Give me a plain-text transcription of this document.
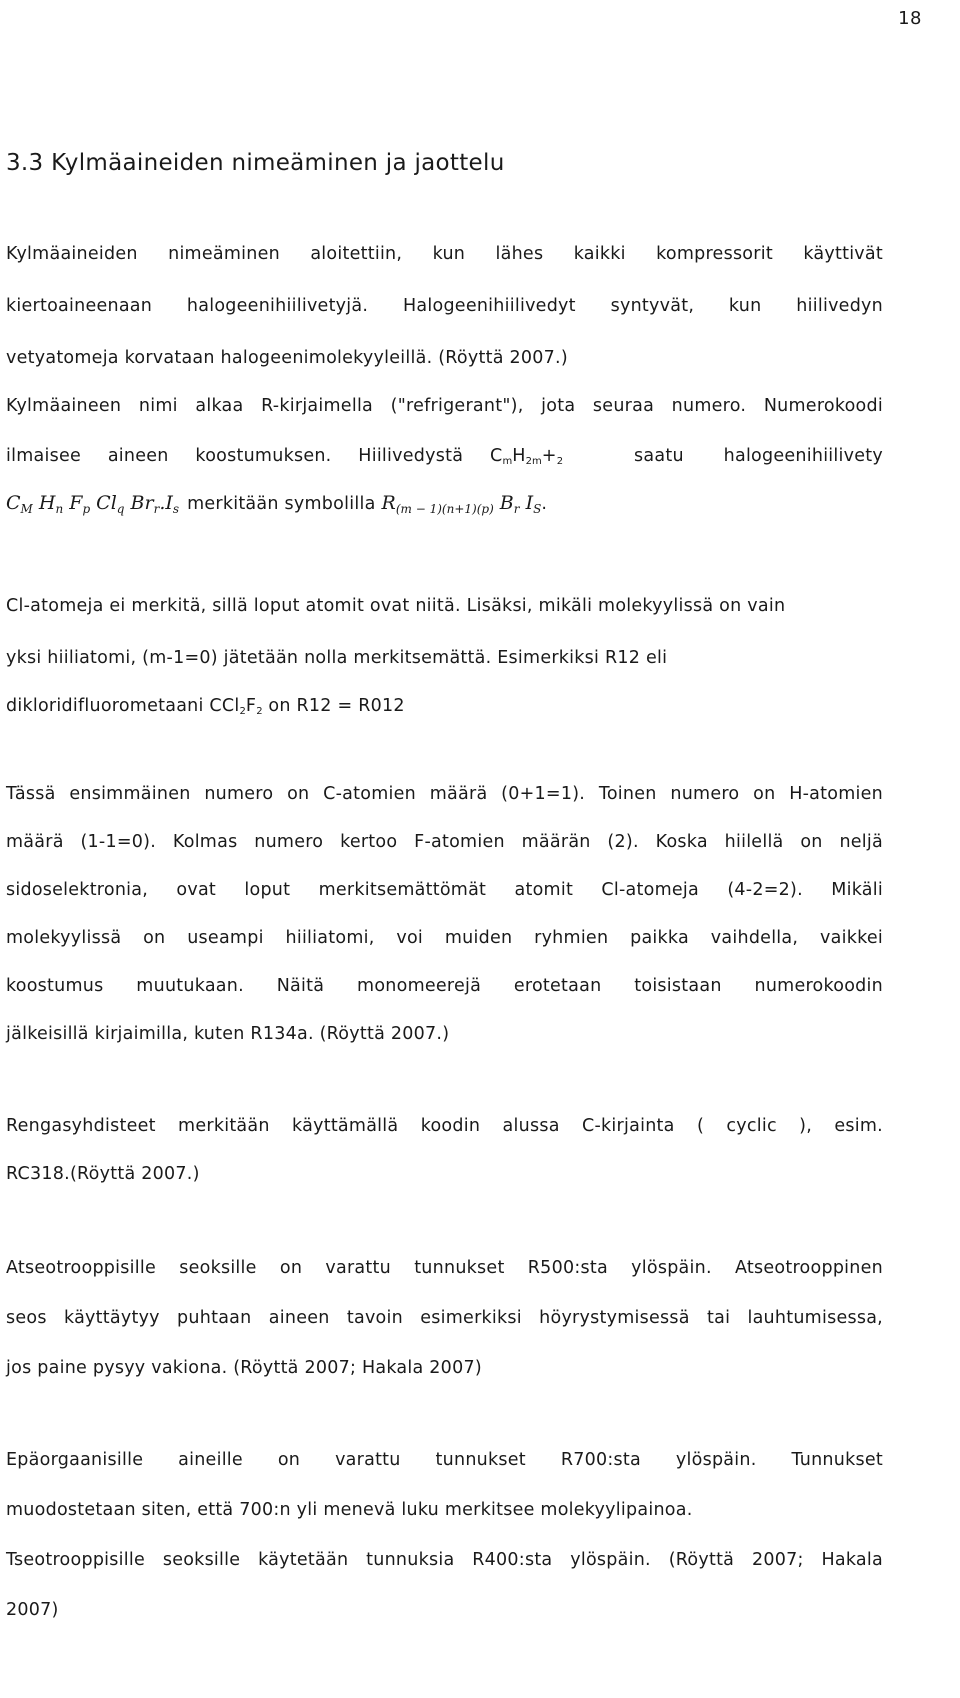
18
3.3 Kylmäaineiden nimeäminen ja jaottelu
Kylmäaineiden nimeäminen aloitettiin, kun lähes kaikki kompressorit käyttivät
kiertoaineenaan halogeenihiilivetyjä. Halogeenihiilivedyt syntyvät, kun hiilivedyn
vetyatomeja korvataan halogeenimolekyyleillä. (Röyttä 2007.)
Kylmäaineen nimi alkaa R-kirjaimella ("refrigerant"), jota seuraa numero. Numerokoodi
ilmaisee aineen koostumuksen. Hiilivedystä $C_mH_{2m}+_2$	saatu halogeenihiilivety
$C_M$ $H_n$ $F_p$ $Cl_q$ $Br_r.I_s$ merkitään symbolilla $R_{(m - 1)(n+1)(p)}$ $B_r$ $I_S$.
Cl-atomeja ei merkitä, sillä loput atomit ovat niitä. Lisäksi, mikäli molekyylissä on vain
yksi hiiliatomi, (m-1=0) jätetään nolla merkitsemättä. Esimerkiksi R12 eli
dikloridifluorometaani $CCl_2F_2$ on R12 = R012
Tässä ensimmäinen numero on C-atomien määrä (0+1=1). Toinen numero on H-atomien
määrä (1-1=0). Kolmas numero kertoo F-atomien määrän (2). Koska hiilellä on neljä
sidoselektronia, ovat loput merkitsemättömät atomit Cl-atomeja (4-2=2). Mikäli
molekyylissä on useampi hiiliatomi, voi muiden ryhmien paikka vaihdella, vaikkei
koostumus muutukaan. Näitä monomeerejä erotetaan toisistaan numerokoodin
jälkeisillä kirjaimilla, kuten R134a. (Röyttä 2007.)
Rengasyhdisteet merkitään käyttämällä koodin alussa C-kirjainta ( cyclic ), esim.
RC318.(Röyttä 2007.)
Atseotrooppisille seoksille on varattu tunnukset R500:sta ylöspäin. Atseotrooppinen
seos käyttäytyy puhtaan aineen tavoin esimerkiksi höyrystymisessä tai lauhtumisessa,
jos paine pysyy vakiona. (Röyttä 2007; Hakala 2007)
Epäorgaanisille aineille on varattu tunnukset R700:sta ylöspäin. Tunnukset
muodostetaan siten, että 700:n yli menevä luku merkitsee molekyylipainoa.
Tseotrooppisille seoksille käytetään tunnuksia R400:sta ylöspäin. (Röyttä 2007; Hakala
2007)
